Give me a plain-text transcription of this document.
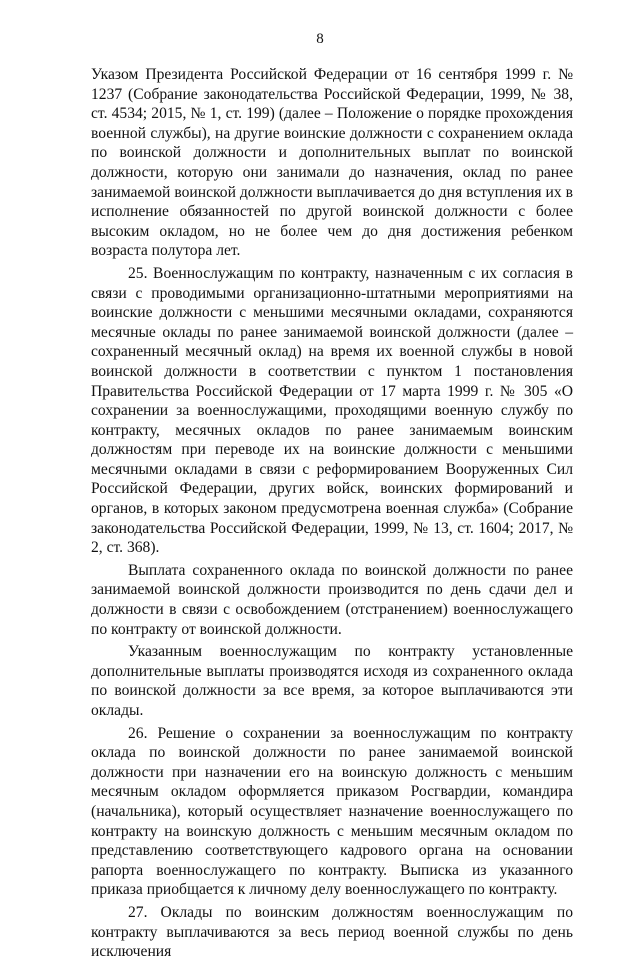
8

Указом Президента Российской Федерации от 16 сентября 1999 г. № 1237 (Собрание законодательства Российской Федерации, 1999, № 38, ст. 4534; 2015, № 1, ст. 199) (далее – Положение о порядке прохождения военной службы), на другие воинские должности с сохранением оклада по воинской должности и дополнительных выплат по воинской должности, которую они занимали до назначения, оклад по ранее занимаемой воинской должности выплачивается до дня вступления их в исполнение обязанностей по другой воинской должности с более высоким окладом, но не более чем до дня достижения ребенком возраста полутора лет.

25. Военнослужащим по контракту, назначенным с их согласия в связи с проводимыми организационно-штатными мероприятиями на воинские должности с меньшими месячными окладами, сохраняются месячные оклады по ранее занимаемой воинской должности (далее – сохраненный месячный оклад) на время их военной службы в новой воинской должности в соответствии с пунктом 1 постановления Правительства Российской Федерации от 17 марта 1999 г. № 305 «О сохранении за военнослужащими, проходящими военную службу по контракту, месячных окладов по ранее занимаемым воинским должностям при переводе их на воинские должности с меньшими месячными окладами в связи с реформированием Вооруженных Сил Российской Федерации, других войск, воинских формирований и органов, в которых законом предусмотрена военная служба» (Собрание законодательства Российской Федерации, 1999, № 13, ст. 1604; 2017, № 2, ст. 368).

Выплата сохраненного оклада по воинской должности по ранее занимаемой воинской должности производится по день сдачи дел и должности в связи с освобождением (отстранением) военнослужащего по контракту от воинской должности.

Указанным военнослужащим по контракту установленные дополнительные выплаты производятся исходя из сохраненного оклада по воинской должности за все время, за которое выплачиваются эти оклады.

26. Решение о сохранении за военнослужащим по контракту оклада по воинской должности по ранее занимаемой воинской должности при назначении его на воинскую должность с меньшим месячным окладом оформляется приказом Росгвардии, командира (начальника), который осуществляет назначение военнослужащего по контракту на воинскую должность с меньшим месячным окладом по представлению соответствующего кадрового органа на основании рапорта военнослужащего по контракту. Выписка из указанного приказа приобщается к личному делу военнослужащего по контракту.

27. Оклады по воинским должностям военнослужащим по контракту выплачиваются за весь период военной службы по день исключения
